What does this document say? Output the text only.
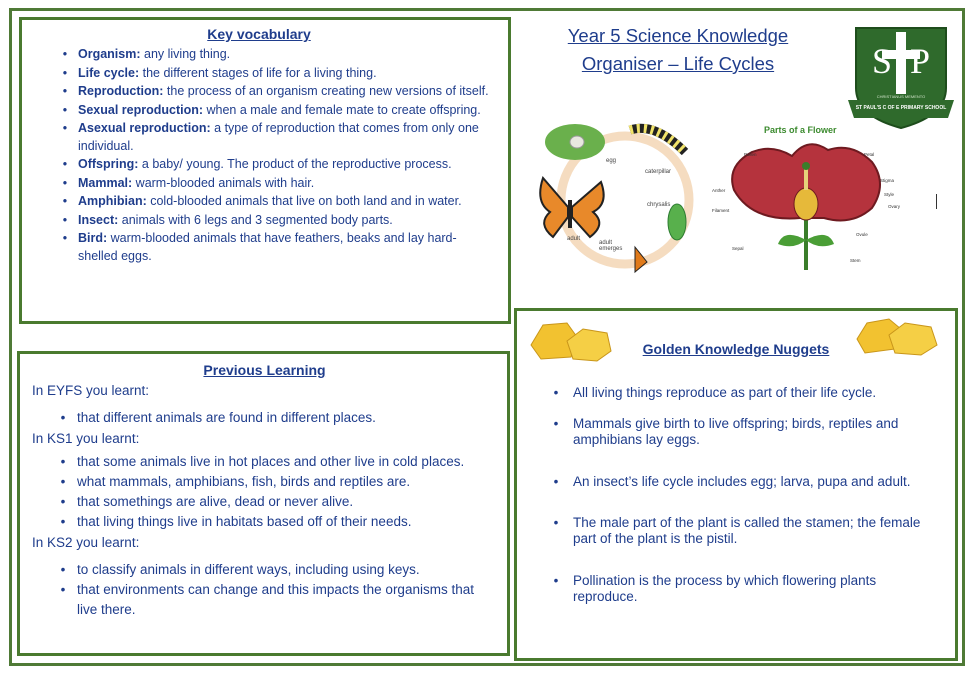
Key vocabulary
• Organism: any living thing.
• Life cycle: the different stages of life for a living thing.
• Reproduction: the process of an organism creating new versions of itself.
• Sexual reproduction: when a male and female mate to create offspring.
• Asexual reproduction: a type of reproduction that comes from only one individual.
• Offspring: a baby/ young. The product of the reproductive process.
• Mammal: warm-blooded animals with hair.
• Amphibian: cold-blooded animals that live on both land and in water.
• Insect: animals with 6 legs and 3 segmented body parts.
• Bird: warm-blooded animals that have feathers, beaks and lay hard-shelled eggs.
Year 5 Science Knowledge
Organiser – Life Cycles	S  P
CHRISTIANUS MEMENTO
ST PAUL'S C OF E PRIMARY SCHOOL
egg
caterpillar
chrysalis
adult emerges
adult
Parts of a Flower
Pollen	Petal
Stigma
Style
Ovary
Anther
Filament
Ovule
Sepal
Stem
Previous Learning
In EYFS you learnt:
• that different animals are found in different places.
In KS1 you learnt:
• that some animals live in hot places and other live in cold places.
• what mammals, amphibians, fish, birds and reptiles are.
• that somethings are alive, dead or never alive.
• that living things live in habitats based off of their needs.
In KS2 you learnt:
• to classify animals in different ways, including using keys.
• that environments can change and this impacts the organisms that live there.
Golden Knowledge Nuggets
•	All living things reproduce as part of their life cycle.
•	Mammals give birth to live offspring; birds, reptiles and amphibians lay eggs.
•	An insect’s life cycle includes egg; larva, pupa and adult.
•	The male part of the plant is called the stamen; the female part of the plant is the pistil.
•	Pollination is the process by which flowering plants reproduce.
